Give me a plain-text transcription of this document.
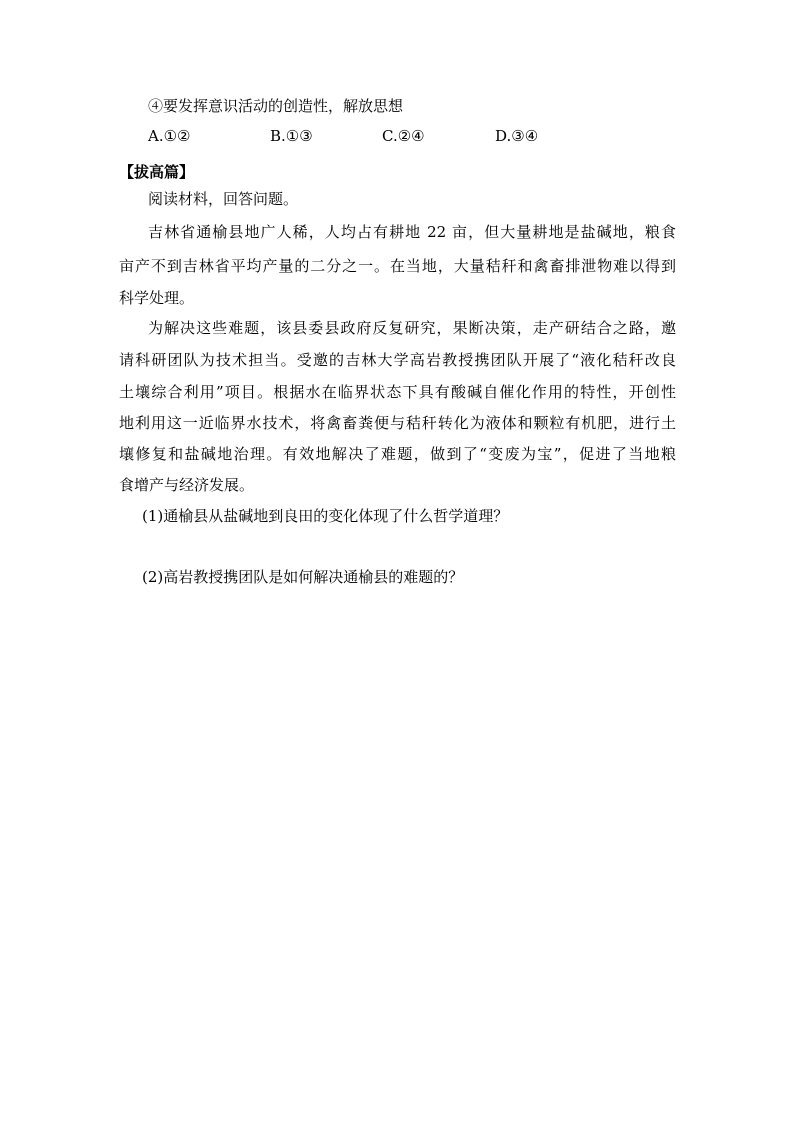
④要发挥意识活动的创造性，解放思想
A.①②	B.①③	C.②④	D.③④
【拔高篇】
阅读材料，回答问题。
吉林省通榆县地广人稀，人均占有耕地 22 亩，但大量耕地是盐碱地，粮食
亩产不到吉林省平均产量的二分之一。在当地，大量秸秆和禽畜排泄物难以得到
科学处理。
为解决这些难题，该县委县政府反复研究，果断决策，走产研结合之路，邀
请科研团队为技术担当。受邀的吉林大学高岩教授携团队开展了“液化秸秆改良
土壤综合利用”项目。根据水在临界状态下具有酸碱自催化作用的特性，开创性
地利用这一近临界水技术，将禽畜粪便与秸秆转化为液体和颗粒有机肥，进行土
壤修复和盐碱地治理。有效地解决了难题，做到了“变废为宝”，促进了当地粮
食增产与经济发展。
(1)通榆县从盐碱地到良田的变化体现了什么哲学道理？
(2)高岩教授携团队是如何解决通榆县的难题的？
